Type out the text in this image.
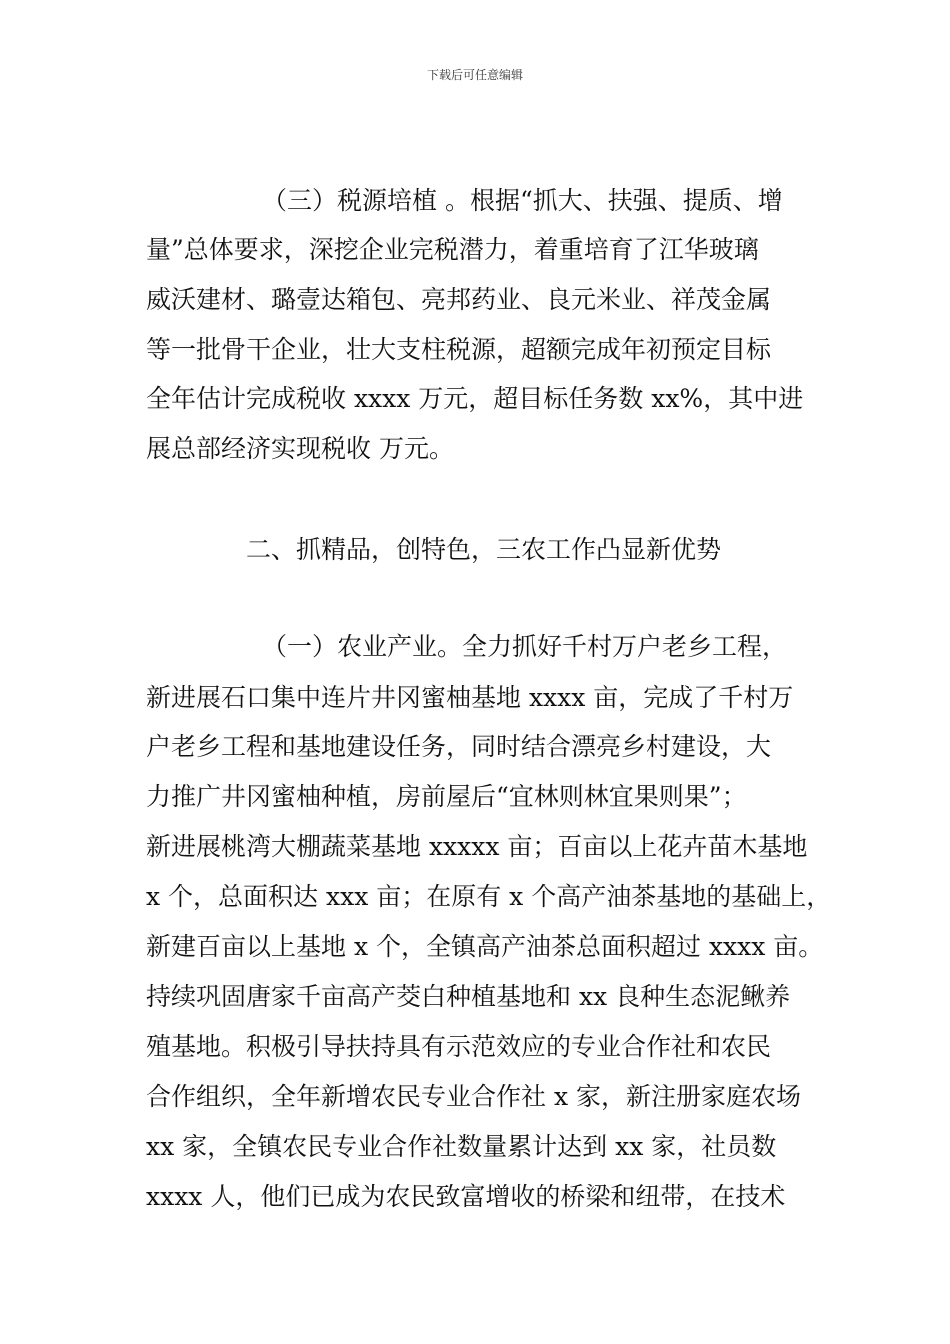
下载后可任意编辑
（三）税源培植 。根据“抓大、扶强、提质、增
量”总体要求，深挖企业完税潜力，着重培育了江华玻璃
威沃建材、璐壹达箱包、亮邦药业、良元米业、祥茂金属
等一批骨干企业，壮大支柱税源，超额完成年初预定目标
全年估计完成税收 xxxx 万元，超目标任务数 xx%，其中进
展总部经济实现税收 万元。
二、抓精品，创特色，三农工作凸显新优势
（一）农业产业。全力抓好千村万户老乡工程，
新进展石口集中连片井冈蜜柚基地 xxxx 亩，完成了千村万
户老乡工程和基地建设任务，同时结合漂亮乡村建设，大
力推广井冈蜜柚种植，房前屋后“宜林则林宜果则果”；
新进展桃湾大棚蔬菜基地 xxxxx 亩；百亩以上花卉苗木基地
x 个，总面积达 xxx 亩；在原有 x 个高产油茶基地的基础上，
新建百亩以上基地 x 个，全镇高产油茶总面积超过 xxxx 亩。
持续巩固唐家千亩高产茭白种植基地和 xx 良种生态泥鳅养
殖基地。积极引导扶持具有示范效应的专业合作社和农民
合作组织，全年新增农民专业合作社 x 家，新注册家庭农场
xx 家，全镇农民专业合作社数量累计达到 xx 家，社员数
xxxx 人，他们已成为农民致富增收的桥梁和纽带，在技术
